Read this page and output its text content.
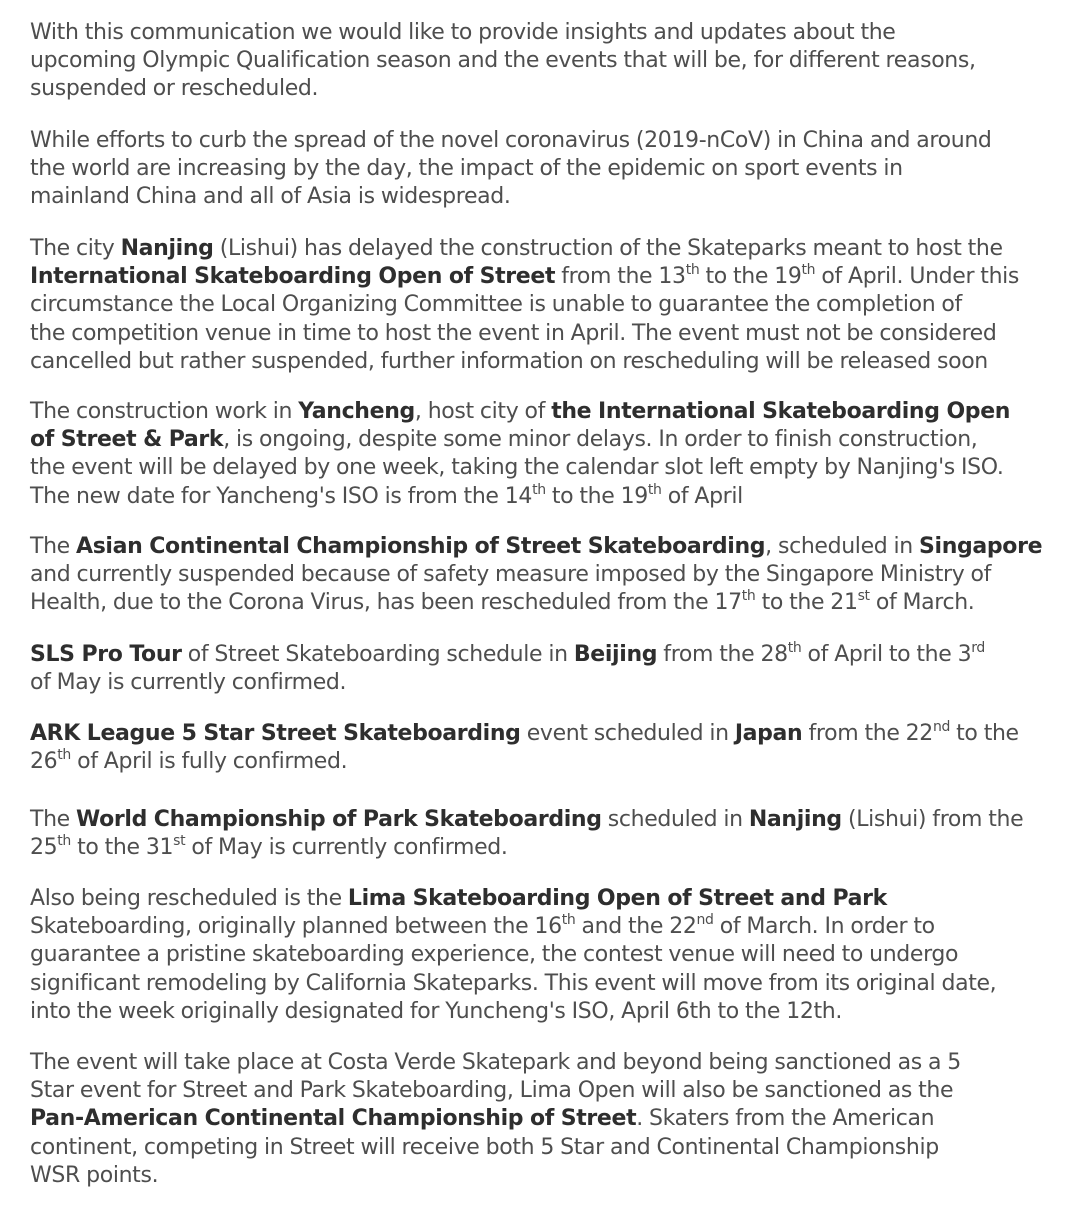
With this communication we would like to provide insights and updates about the
upcoming Olympic Qualification season and the events that will be, for different reasons,
suspended or rescheduled.

While efforts to curb the spread of the novel coronavirus (2019-nCoV) in China and around
the world are increasing by the day, the impact of the epidemic on sport events in
mainland China and all of Asia is widespread.

The city Nanjing (Lishui) has delayed the construction of the Skateparks meant to host the
International Skateboarding Open of Street from the 13th to the 19th of April. Under this
circumstance the Local Organizing Committee is unable to guarantee the completion of
the competition venue in time to host the event in April. The event must not be considered
cancelled but rather suspended, further information on rescheduling will be released soon

The construction work in Yancheng, host city of the International Skateboarding Open
of Street & Park, is ongoing, despite some minor delays. In order to finish construction,
the event will be delayed by one week, taking the calendar slot left empty by Nanjing's ISO.
The new date for Yancheng's ISO is from the 14th to the 19th of April

The Asian Continental Championship of Street Skateboarding, scheduled in Singapore
and currently suspended because of safety measure imposed by the Singapore Ministry of
Health, due to the Corona Virus, has been rescheduled from the 17th to the 21st of March.

SLS Pro Tour of Street Skateboarding schedule in Beijing from the 28th of April to the 3rd
of May is currently confirmed.

ARK League 5 Star Street Skateboarding event scheduled in Japan from the 22nd to the
26th of April is fully confirmed.

The World Championship of Park Skateboarding scheduled in Nanjing (Lishui) from the
25th to the 31st of May is currently confirmed.

Also being rescheduled is the Lima Skateboarding Open of Street and Park
Skateboarding, originally planned between the 16th and the 22nd of March. In order to
guarantee a pristine skateboarding experience, the contest venue will need to undergo
significant remodeling by California Skateparks. This event will move from its original date,
into the week originally designated for Yuncheng's ISO, April 6th to the 12th.

The event will take place at Costa Verde Skatepark and beyond being sanctioned as a 5
Star event for Street and Park Skateboarding, Lima Open will also be sanctioned as the
Pan-American Continental Championship of Street. Skaters from the American
continent, competing in Street will receive both 5 Star and Continental Championship
WSR points.
